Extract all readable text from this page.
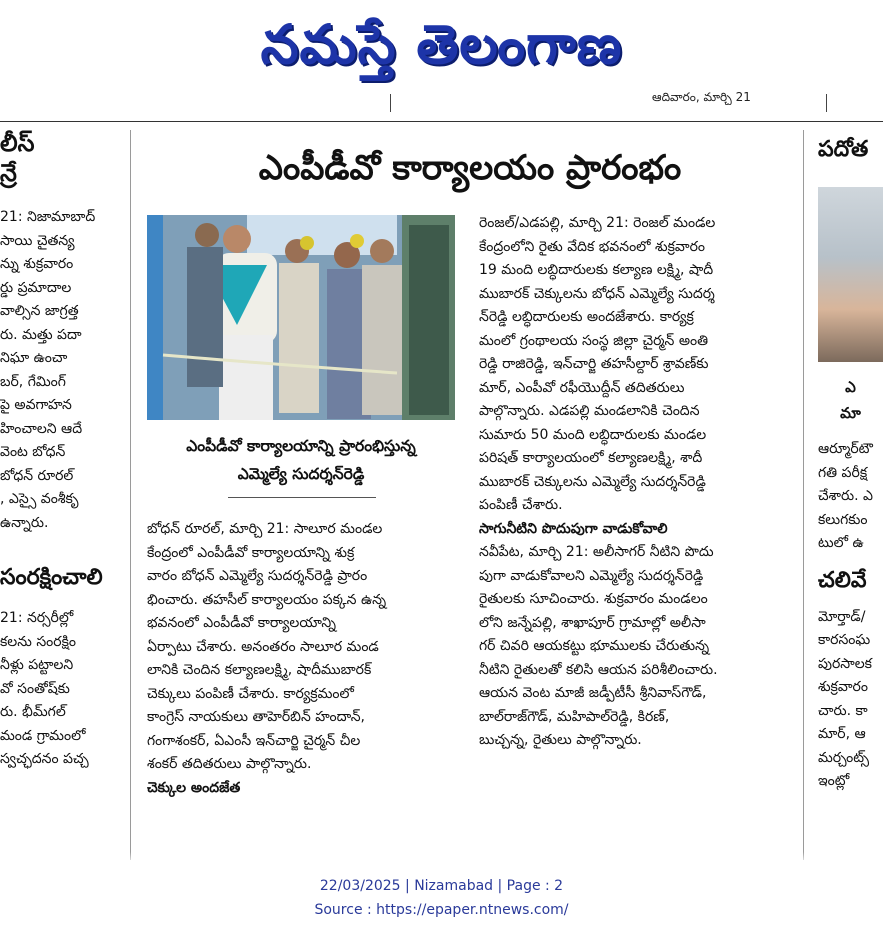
నమస్తే తెలంగాణ
ఆదివారం, మార్చి 21
లీస్
న్రే
21: నిజామాబాద్
సాయి చైతన్య
న్ను శుక్రవారం
ర్డు ప్రమాదాల
వాల్సిన జాగ్రత్త
రు. మత్తు పదా
నిఘా ఉంచా
బర్, గేమింగ్
పై అవగాహన
హించాలని ఆదే
వెంట బోధన్
బోధన్ రూరల్
, ఎస్సై వంశీకృ
ఉన్నారు.
సంరక్షించాలి
21: నర్సరీల్లో
కలను సంరక్షిం
నీళ్లు పట్టాలని
వో సంతోష్‌కు
రు. భీమ్‌గల్
మండ గ్రామంలో
స్వచ్ఛదనం పచ్చ
ఎంపీడీవో కార్యాలయం ప్రారంభం
ఎంపీడీవో కార్యాలయాన్ని ప్రారంభిస్తున్న
ఎమ్మెల్యే సుదర్శన్‌రెడ్డి
బోధన్ రూరల్, మార్చి 21: సాలూర మండల
కేంద్రంలో ఎంపీడీవో కార్యాలయాన్ని శుక్ర
వారం బోధన్ ఎమ్మెల్యే సుదర్శన్‌రెడ్డి ప్రారం
భించారు. తహసీల్ కార్యాలయం పక్కన ఉన్న
భవనంలో ఎంపీడీవో కార్యాలయాన్ని
ఏర్పాటు చేశారు. అనంతరం సాలూర మండ
లానికి చెందిన కల్యాణలక్ష్మి, షాదీముబారక్
చెక్కులు పంపిణీ చేశారు. కార్యక్రమంలో
కాంగ్రెస్ నాయకులు తాహెర్‌బిన్ హందాన్,
గంగాశంకర్, ఏఎంసీ ఇన్‌చార్జి చైర్మన్ చీల
శంకర్ తదితరులు పాల్గొన్నారు.
చెక్కుల అందజేత
రెంజల్/ఎడపల్లి, మార్చి 21: రెంజల్ మండల
కేంద్రంలోని రైతు వేదిక భవనంలో శుక్రవారం
19 మంది లబ్ధిదారులకు కల్యాణ లక్ష్మి, షాదీ
ముబారక్ చెక్కులను బోధన్ ఎమ్మెల్యే సుదర్శ
న్‌రెడ్డి లబ్ధిదారులకు అందజేశారు. కార్యక్ర
మంలో గ్రంథాలయ సంస్థ జిల్లా చైర్మన్ అంతి
రెడ్డి రాజిరెడ్డి, ఇన్‌చార్జి తహసీల్దార్ శ్రావణ్‌కు
మార్, ఎంపీవో రఫీయొద్దీన్ తదితరులు
పాల్గొన్నారు. ఎడపల్లి మండలానికి చెందిన
సుమారు 50 మంది లబ్ధిదారులకు మండల
పరిషత్ కార్యాలయంలో కల్యాణలక్ష్మి, శాదీ
ముబారక్ చెక్కులను ఎమ్మెల్యే సుదర్శన్‌రెడ్డి
పంపిణీ చేశారు.
సాగునీటిని పొదుపుగా వాడుకోవాలి
నవీపేట, మార్చి 21: అలీసాగర్ నీటిని పొదు
పుగా వాడుకోవాలని ఎమ్మెల్యే సుదర్శన్‌రెడ్డి
రైతులకు సూచించారు. శుక్రవారం మండలం
లోని జన్నేపల్లి, శాఖాపూర్ గ్రామాల్లో అలీసా
గర్ చివరి ఆయకట్టు భూములకు చేరుతున్న
నీటిని రైతులతో కలిసి ఆయన పరిశీలించారు.
ఆయన వెంట మాజీ జడ్పీటీసీ శ్రీనివాస్‌గౌడ్,
బాల్‌రాజ్‌గౌడ్, మహిపాల్‌రెడ్డి, కిరణ్,
బుచ్చన్న, రైతులు పాల్గొన్నారు.
పదోత
ఎ
మా
ఆర్మూర్‌టౌ
గతి పరీక్ష
చేశారు. ఎ
కలుగకుం
టులో ఉ
చలివే
మోర్తాడ్/
కారసంఘ
పురసాలక
శుక్రవారం
చారు. కా
మార్, ఆ
మర్చంట్స్
ఇంట్లో
22/03/2025 | Nizamabad | Page : 2
Source : https://epaper.ntnews.com/
